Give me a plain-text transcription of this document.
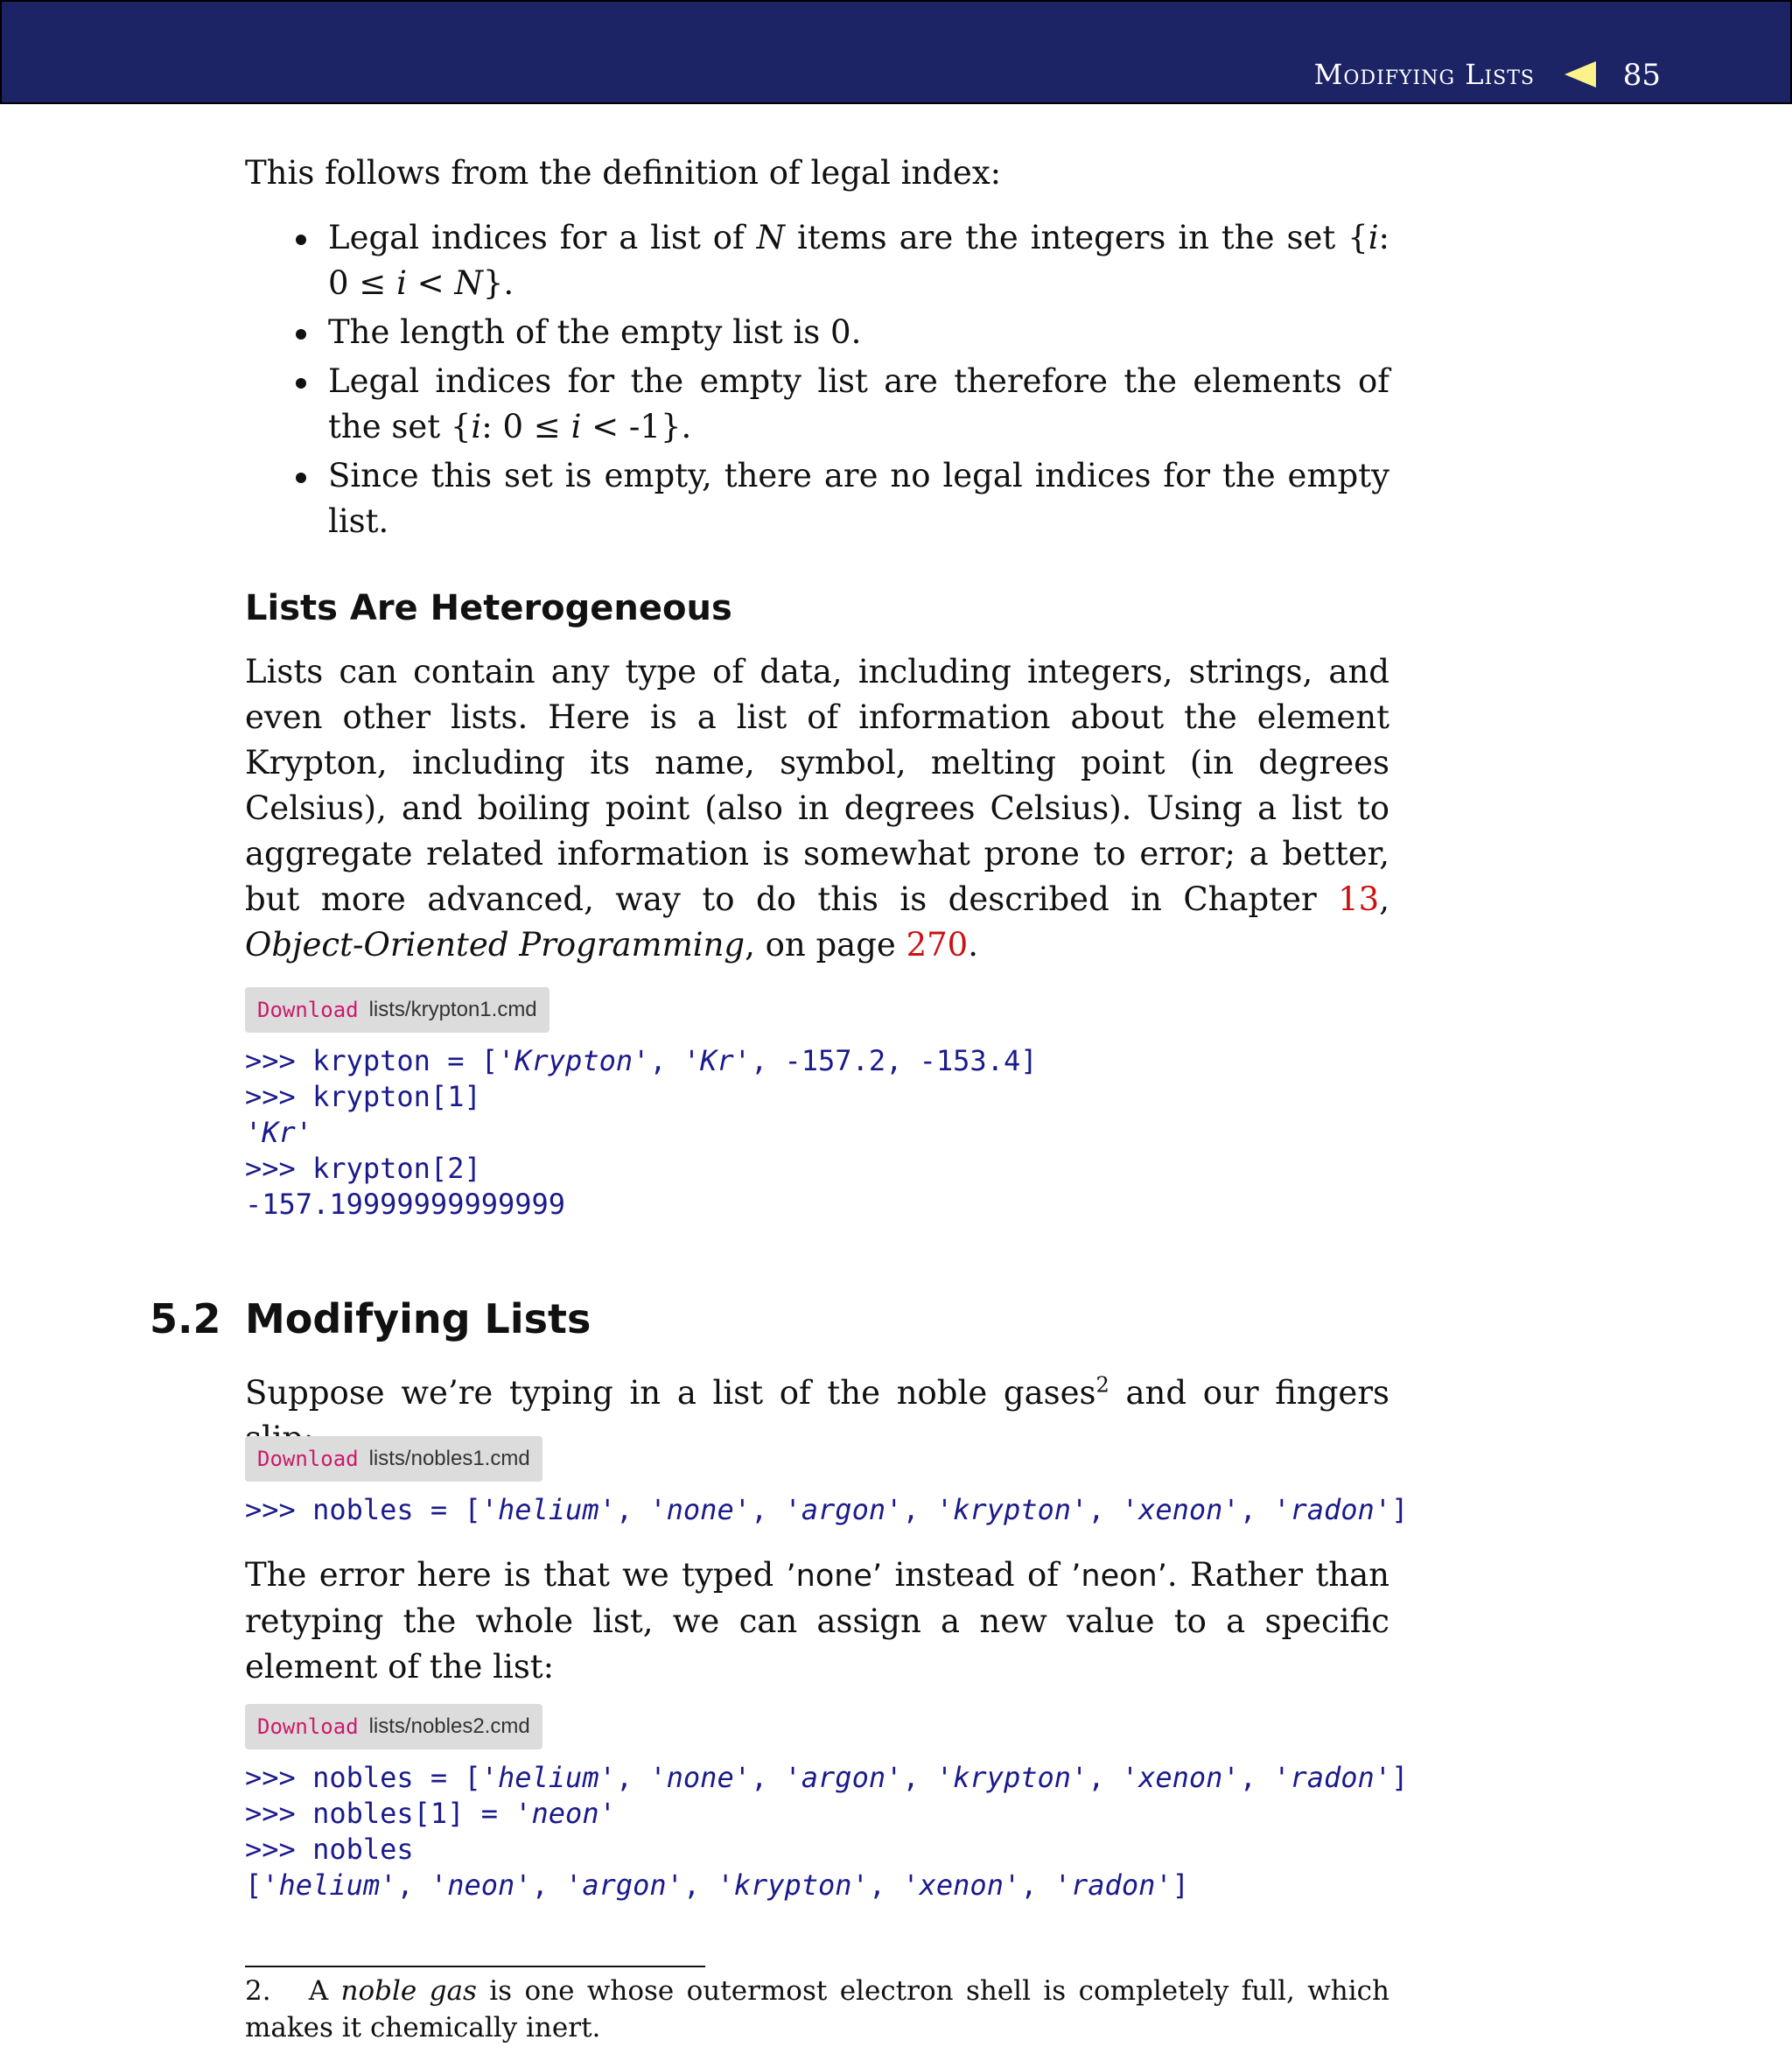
Modifying Lists	85
This follows from the definition of legal index:
Legal indices for a list of N items are the integers in the set {i: 0 ≤ i < N}.
The length of the empty list is 0.
Legal indices for the empty list are therefore the elements of the set {i: 0 ≤ i < -1}.
Since this set is empty, there are no legal indices for the empty list.
Lists Are Heterogeneous
Lists can contain any type of data, including integers, strings, and even other lists. Here is a list of information about the element Krypton, including its name, symbol, melting point (in degrees Celsius), and boiling point (also in degrees Celsius). Using a list to aggregate related information is somewhat prone to error; a better, but more advanced, way to do this is described in Chapter 13, Object-Oriented Programming, on page 270.
Download lists/krypton1.cmd
>>> krypton = ['Krypton', 'Kr', -157.2, -153.4]
>>> krypton[1]
'Kr'
>>> krypton[2]
-157.19999999999999
5.2 Modifying Lists
Suppose we’re typing in a list of the noble gases$^2$ and our fingers
Download lists/nobles1.cmd
>>> nobles = ['helium', 'none', 'argon', 'krypton', 'xenon', 'radon']
The error here is that we typed ’none’ instead of ’neon’. Rather than retyping the whole list, we can assign a new value to a specific element of the list:
Download lists/nobles2.cmd
>>> nobles = ['helium', 'none', 'argon', 'krypton', 'xenon', 'radon']
>>> nobles[1] = 'neon'
>>> nobles
['helium', 'neon', 'argon', 'krypton', 'xenon', 'radon']
2. A noble gas is one whose outermost electron shell is completely full, which makes it chemically inert.
